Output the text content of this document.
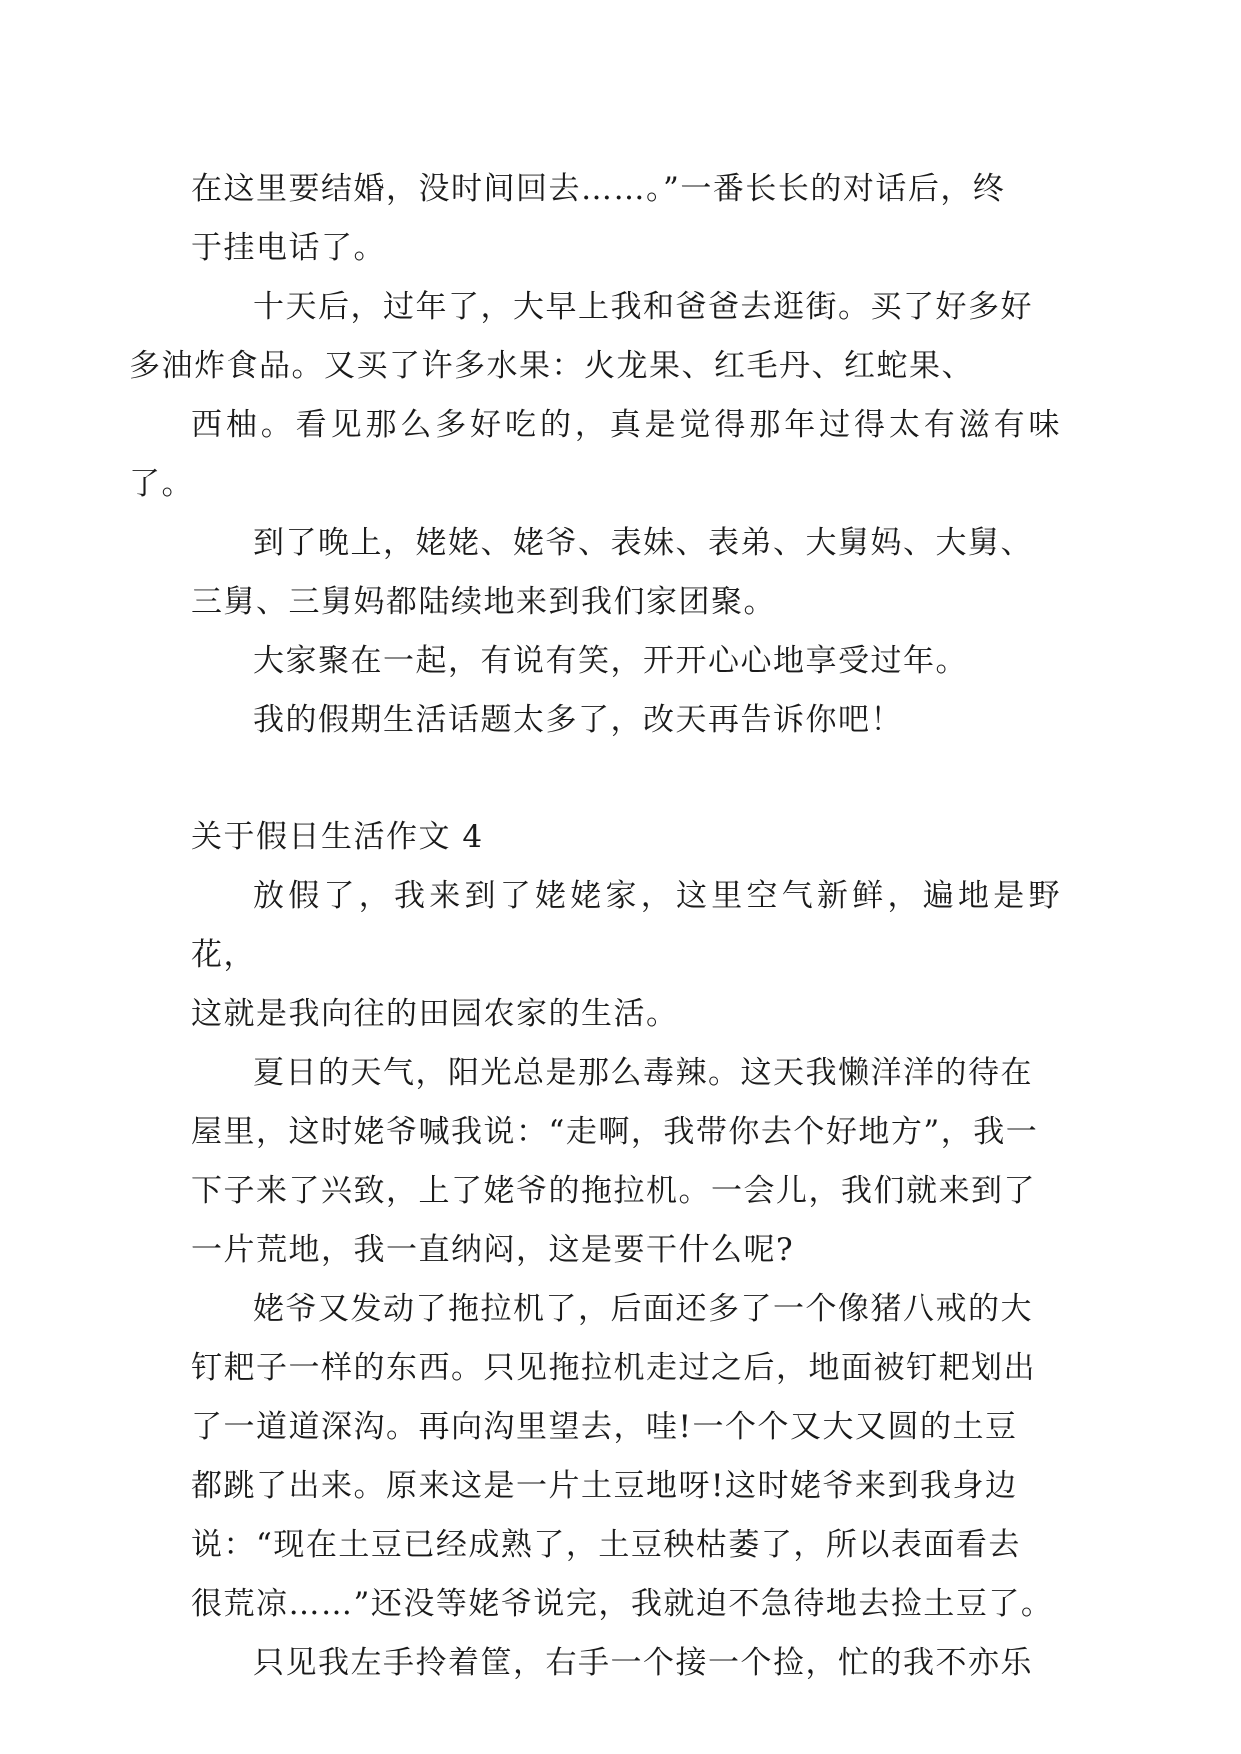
在这里要结婚，没时间回去……。”一番长长的对话后，终
于挂电话了。

十天后，过年了，大早上我和爸爸去逛街。买了好多好
多油炸食品。又买了许多水果：火龙果、红毛丹、红蛇果、
西柚。看见那么多好吃的，真是觉得那年过得太有滋有味了。

到了晚上，姥姥、姥爷、表妹、表弟、大舅妈、大舅、
三舅、三舅妈都陆续地来到我们家团聚。

大家聚在一起，有说有笑，开开心心地享受过年。

我的假期生活话题太多了，改天再告诉你吧！

关于假日生活作文 4

放假了，我来到了姥姥家，这里空气新鲜，遍地是野花，
这就是我向往的田园农家的生活。

夏日的天气，阳光总是那么毒辣。这天我懒洋洋的待在
屋里，这时姥爷喊我说：“走啊，我带你去个好地方”，我一
下子来了兴致，上了姥爷的拖拉机。一会儿，我们就来到了
一片荒地，我一直纳闷，这是要干什么呢?

姥爷又发动了拖拉机了，后面还多了一个像猪八戒的大
钉耙子一样的东西。只见拖拉机走过之后，地面被钉耙划出
了一道道深沟。再向沟里望去，哇!一个个又大又圆的土豆
都跳了出来。原来这是一片土豆地呀!这时姥爷来到我身边
说：“现在土豆已经成熟了，土豆秧枯萎了，所以表面看去
很荒凉……”还没等姥爷说完，我就迫不急待地去捡土豆了。

只见我左手拎着筐，右手一个接一个捡，忙的我不亦乐
